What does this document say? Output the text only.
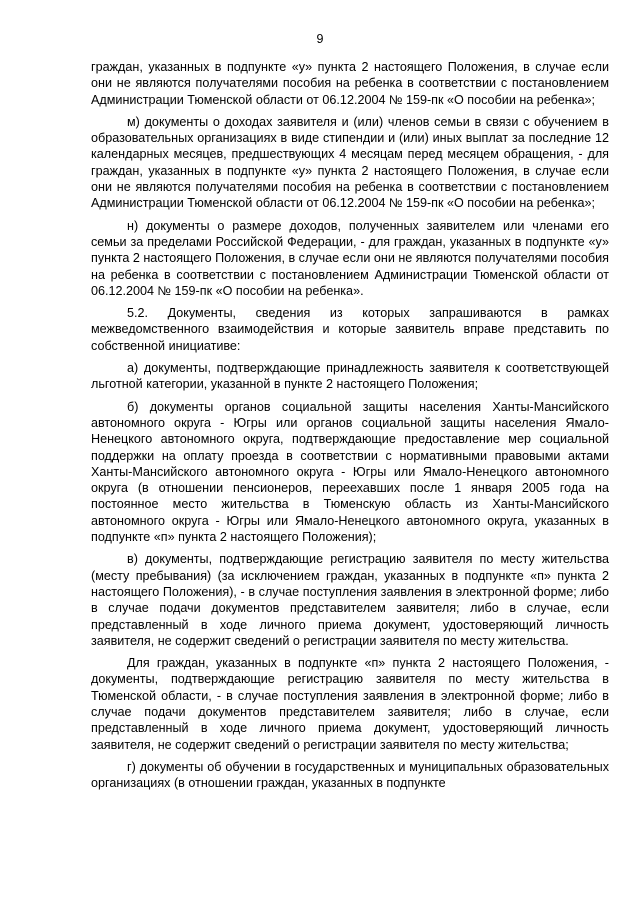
9

граждан, указанных в подпункте «у» пункта 2 настоящего Положения, в случае если они не являются получателями пособия на ребенка в соответствии с постановлением Администрации Тюменской области от 06.12.2004 № 159-пк «О пособии на ребенка»;

м) документы о доходах заявителя и (или) членов семьи в связи с обучением в образовательных организациях в виде стипендии и (или) иных выплат за последние 12 календарных месяцев, предшествующих 4 месяцам перед месяцем обращения, - для граждан, указанных в подпункте «у» пункта 2 настоящего Положения, в случае если они не являются получателями пособия на ребенка в соответствии с постановлением Администрации Тюменской области от 06.12.2004 № 159-пк «О пособии на ребенка»;

н) документы о размере доходов, полученных заявителем или членами его семьи за пределами Российской Федерации, - для граждан, указанных в подпункте «у» пункта 2 настоящего Положения, в случае если они не являются получателями пособия на ребенка в соответствии с постановлением Администрации Тюменской области от 06.12.2004 № 159-пк «О пособии на ребенка».

5.2. Документы, сведения из которых запрашиваются в рамках межведомственного взаимодействия и которые заявитель вправе представить по собственной инициативе:

а) документы, подтверждающие принадлежность заявителя к соответствующей льготной категории, указанной в пункте 2 настоящего Положения;

б) документы органов социальной защиты населения Ханты-Мансийского автономного округа - Югры или органов социальной защиты населения Ямало-Ненецкого автономного округа, подтверждающие предоставление мер социальной поддержки на оплату проезда в соответствии с нормативными правовыми актами Ханты-Мансийского автономного округа - Югры или Ямало-Ненецкого автономного округа (в отношении пенсионеров, переехавших после 1 января 2005 года на постоянное место жительства в Тюменскую область из Ханты-Мансийского автономного округа - Югры или Ямало-Ненецкого автономного округа, указанных в подпункте «п» пункта 2 настоящего Положения);

в) документы, подтверждающие регистрацию заявителя по месту жительства (месту пребывания) (за исключением граждан, указанных в подпункте «п» пункта 2 настоящего Положения), - в случае поступления заявления в электронной форме; либо в случае подачи документов представителем заявителя; либо в случае, если представленный в ходе личного приема документ, удостоверяющий личность заявителя, не содержит сведений о регистрации заявителя по месту жительства.

Для граждан, указанных в подпункте «п» пункта 2 настоящего Положения, - документы, подтверждающие регистрацию заявителя по месту жительства в Тюменской области, - в случае поступления заявления в электронной форме; либо в случае подачи документов представителем заявителя; либо в случае, если представленный в ходе личного приема документ, удостоверяющий личность заявителя, не содержит сведений о регистрации заявителя по месту жительства;

г) документы об обучении в государственных и муниципальных образовательных организациях (в отношении граждан, указанных в подпункте
